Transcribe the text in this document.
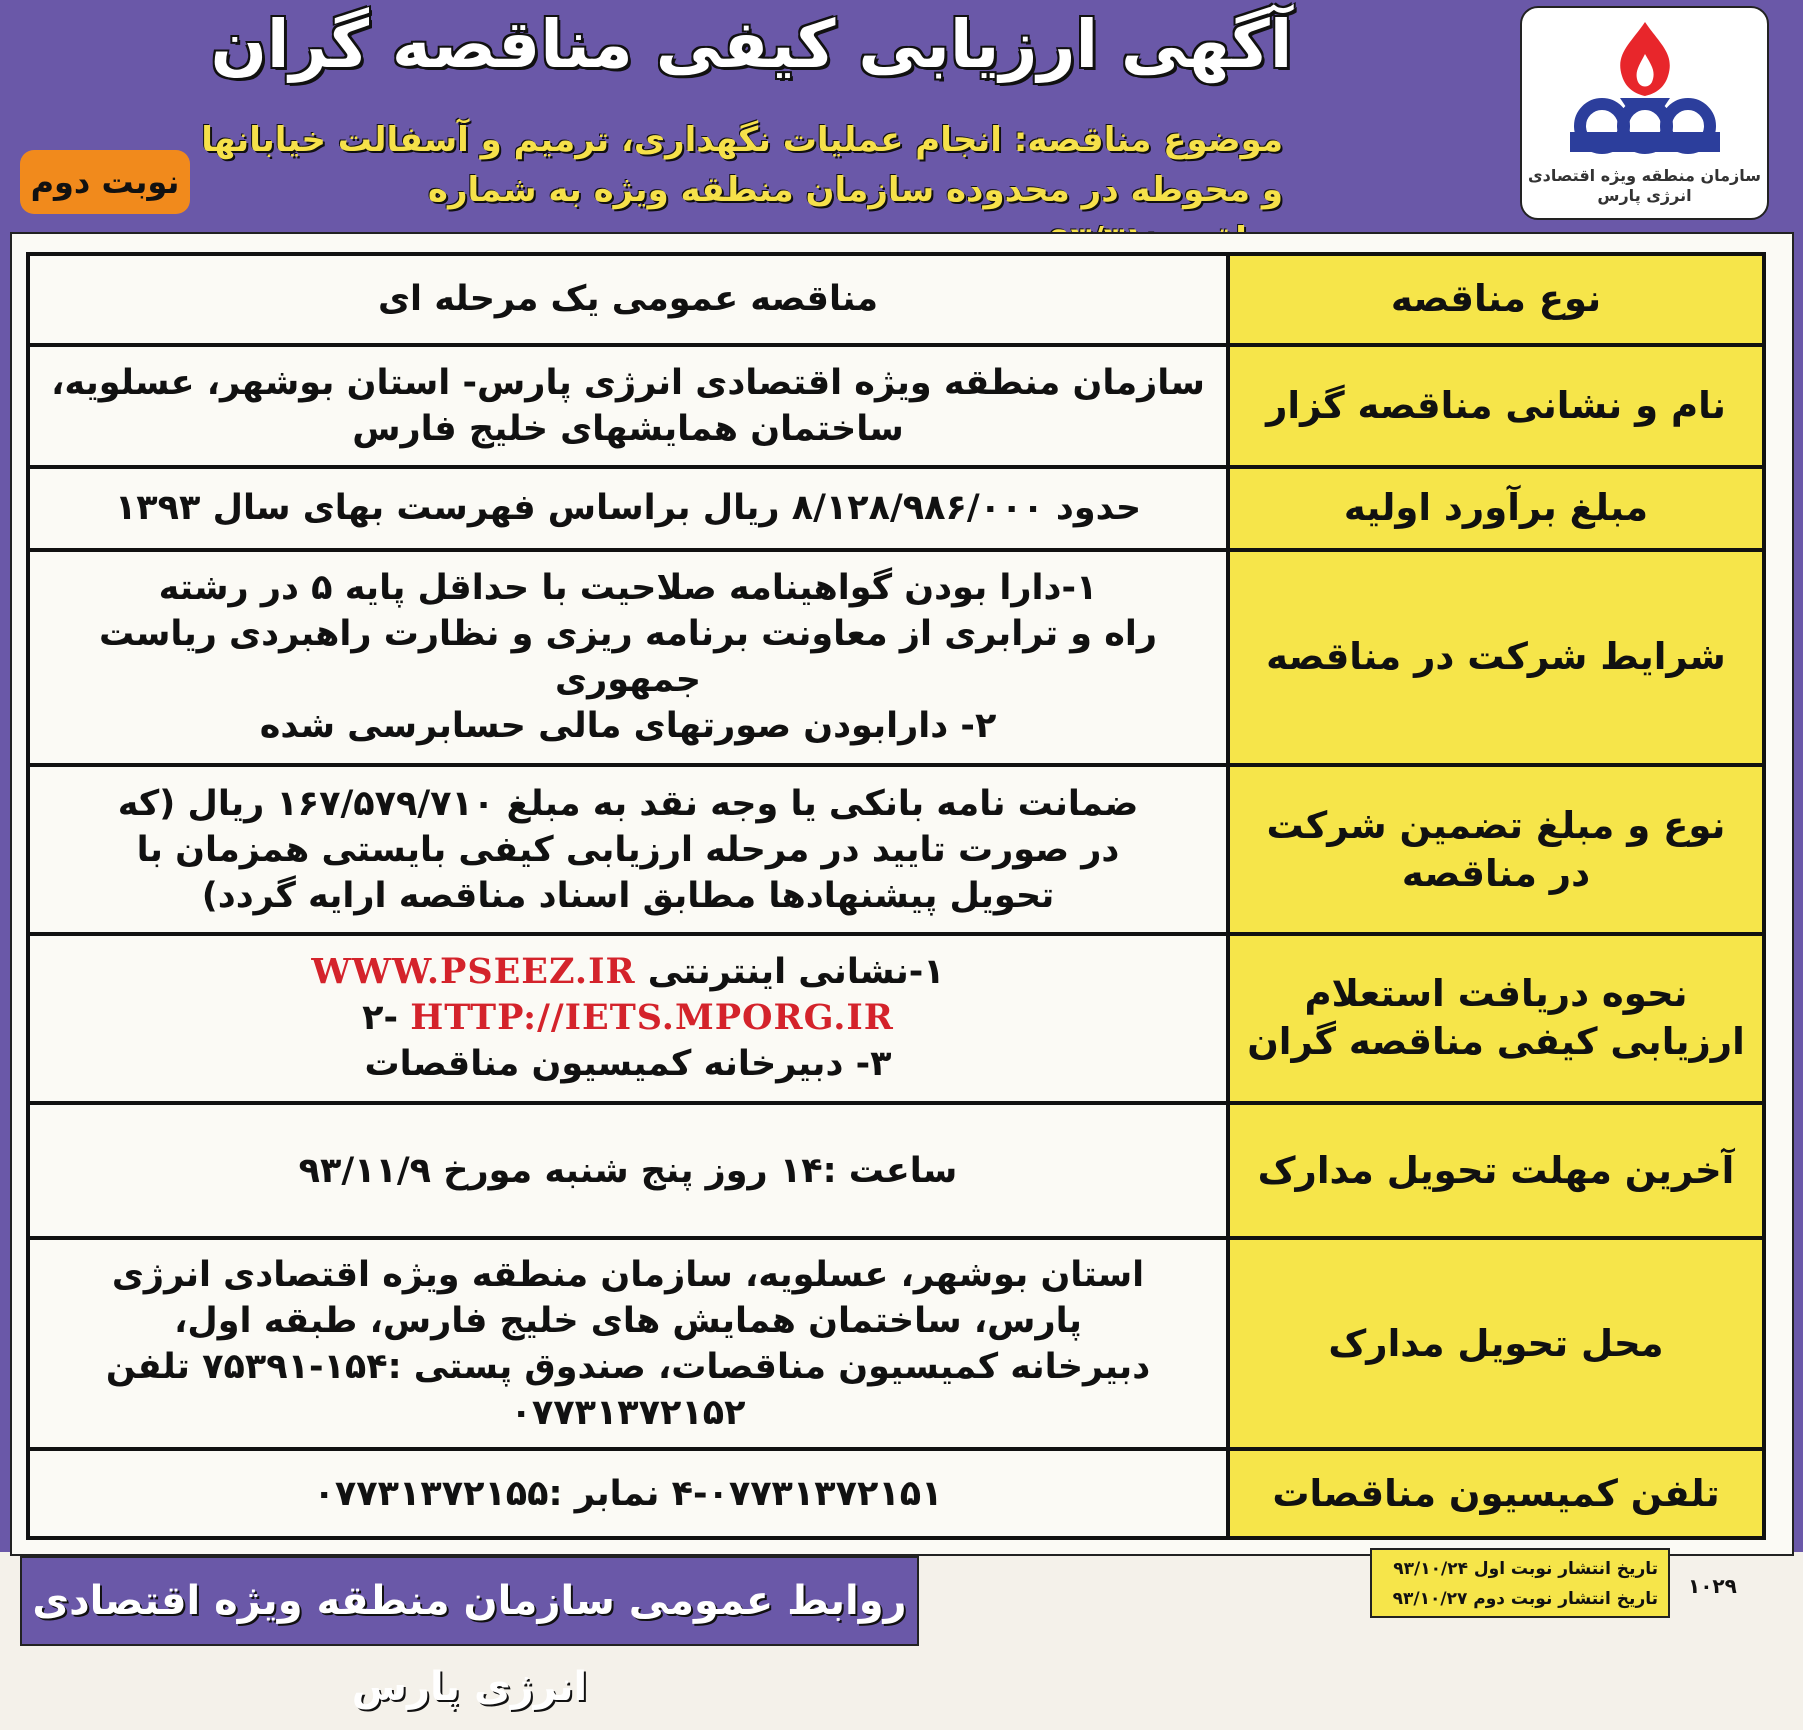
آگهی ارزیابی کیفی مناقصه گران
موضوع مناقصه: انجام عملیات نگهداری، ترمیم و آسفالت خیابانها
و محوطه در محدوده سازمان منطقه ویژه به شماره
نوبت دوم	سازمان منطقه ویژه اقتصادی
انرژی پارس
نوع مناقصه	مناقصه عمومی یک مرحله ای

نام و نشانی مناقصه گزار	سازمان منطقه ویژه اقتصادی انرژی پارس- استان بوشهر، عسلویه،
ساختمان همایشهای خلیج فارس

مبلغ برآورد اولیه	حدود ۸/۱۲۸/۹۸۶/۰۰۰ ریال براساس فهرست بهای سال ۱۳۹۳

شرایط شرکت در مناقصه	۱-دارا بودن گواهینامه صلاحیت با حداقل پایه ۵ در رشته
راه و ترابری از معاونت برنامه ریزی و نظارت راهبردی ریاست
جمهوری
۲- دارابودن صورتهای مالی حسابرسی شده

نوع و مبلغ تضمین شرکت در مناقصه	ضمانت نامه بانکی یا وجه نقد به مبلغ ۱۶۷/۵۷۹/۷۱۰ ریال (که
در صورت تایید در مرحله ارزیابی کیفی بایستی همزمان با
تحویل پیشنهادها مطابق اسناد مناقصه ارایه گردد)

نحوه دریافت استعلام ارزیابی کیفی مناقصه گران	۱-نشانی اینترنتی WWW.PSEEZ.IR
HTTP://IETS.MPORG.IR -۲
۳- دبیرخانه کمیسیون مناقصات

آخرین مهلت تحویل مدارک	ساعت :۱۴ روز پنج شنبه مورخ ۹۳/۱۱/۹

محل تحویل مدارک	استان بوشهر، عسلویه، سازمان منطقه ویژه اقتصادی انرژی
پارس، ساختمان همایش های خلیج فارس، طبقه اول،
دبیرخانه کمیسیون مناقصات، صندوق پستی :۱۵۴-۷۵۳۹۱ تلفن
۰۷۷۳۱۳۷۲۱۵۲

تلفن کمیسیون مناقصات	۴-۰۷۷۳۱۳۷۲۱۵۱ نمابر :۰۷۷۳۱۳۷۲۱۵۵
روابط عمومی سازمان منطقه ویژه اقتصادی انرژی پارس
تاریخ انتشار نوبت اول ۹۳/۱۰/۲۴
تاریخ انتشار نوبت دوم ۹۳/۱۰/۲۷
۱۰۲۹
